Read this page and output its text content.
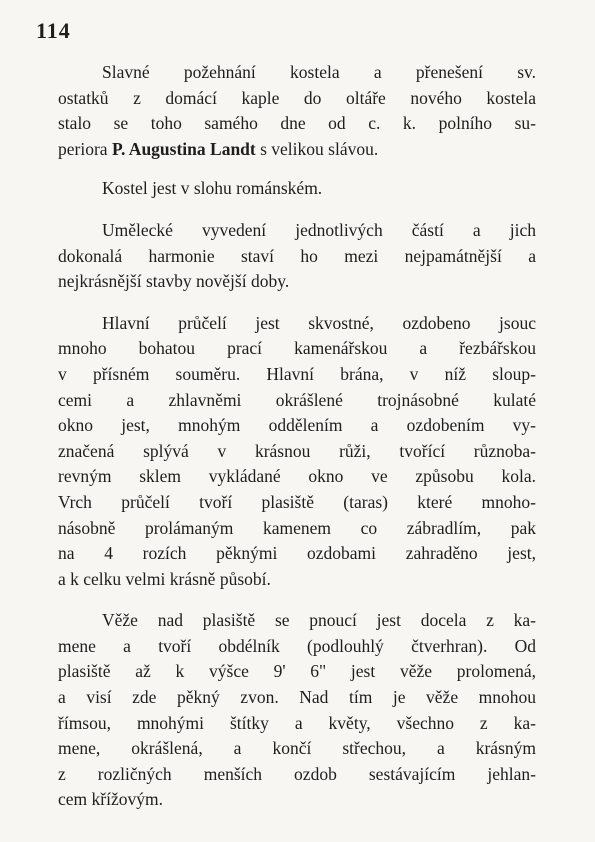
114

Slavné požehnání kostela a přenešení sv.
ostatků z domácí kaple do oltáře nového kostela
stalo se toho samého dne od c. k. polního su-
periora P. Augustina Landt s velikou slávou.

Kostel jest v slohu románském.

Umělecké vyvedení jednotlivých částí a jich
dokonalá harmonie staví ho mezi nejpamátnější a
nejkrásnější stavby novější doby.

Hlavní průčelí jest skvostné, ozdobeno jsouc
mnoho bohatou prací kamenářskou a řezbářskou
v přísném souměru. Hlavní brána, v níž sloup-
cemi a zhlavněmi okrášlené trojnásobné kulaté
okno jest, mnohým oddělením a ozdobením vy-
značená splývá v krásnou růži, tvořící různoba-
revným sklem vykládané okno ve způsobu kola.
Vrch průčelí tvoří plasiště (taras) které mnoho-
násobně prolámaným kamenem co zábradlím, pak
na 4 rozích pěknými ozdobami zahraděno jest,
a k celku velmi krásně působí.

Věže nad plasiště se pnoucí jest docela z ka-
mene a tvoří obdélník (podlouhlý čtverhran). Od
plasiště až k výšce 9' 6" jest věže prolomená,
a visí zde pěkný zvon. Nad tím je věže mnohou
římsou, mnohými štítky a květy, všechno z ka-
mene, okrášlená, a končí střechou, a krásným
z rozličných menších ozdob sestávajícím jehlan-
cem křížovým.
